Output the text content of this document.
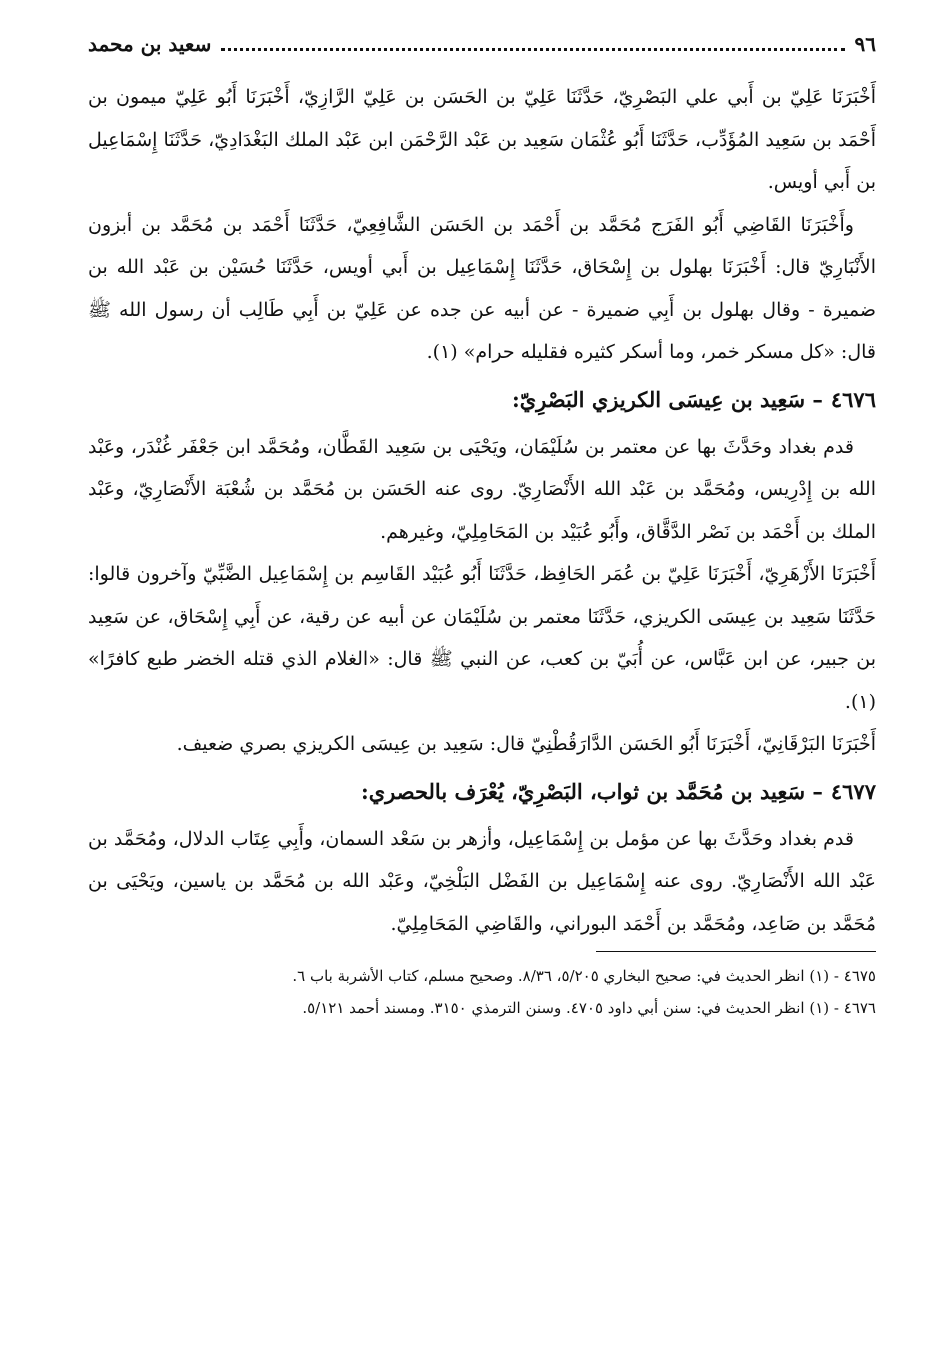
٩٦
سعيد بن محمد

أَخْبَرَنَا عَلِيّ بن أَبي علي البَصْرِيّ، حَدَّثَنَا عَلِيّ بن الحَسَن بن عَلِيّ الرَّازِيّ، أَخْبَرَنَا أَبُو عَلِيّ ميمون بن أَحْمَد بن سَعِيد المُؤَدِّب، حَدَّثَنَا أَبُو عُثْمَان سَعِيد بن عَبْد الرَّحْمَن ابن عَبْد الملك البَغْدَادِيّ، حَدَّثَنَا إِسْمَاعِيل بن أَبي أويس.

وأَخْبَرَنَا القَاضِي أَبُو الفَرَج مُحَمَّد بن أَحْمَد بن الحَسَن الشَّافِعِيّ، حَدَّثَنَا أَحْمَد بن مُحَمَّد بن أبزون الأَنْبَارِيّ قال: أَخْبَرَنَا بهلول بن إِسْحَاق، حَدَّثَنَا إِسْمَاعِيل بن أَبي أويس، حَدَّثَنَا حُسَيْن بن عَبْد الله بن ضميرة - وقال بهلول بن أَبِي ضميرة - عن أبيه عن جده عن عَلِيّ بن أَبِي طَالِب أن رسول الله ﷺ قال: «كل مسكر خمر، وما أسكر كثيره فقليله حرام» (١).

٤٦٧٦– سَعِيد بن عِيسَى الكريزي البَصْرِيّ:

قدم بغداد وحَدَّثَ بها عن معتمر بن سُلَيْمَان، ويَحْيَى بن سَعِيد القَطَّان، ومُحَمَّد ابن جَعْفَر غُنْدَر، وعَبْد الله بن إِدْرِيس، ومُحَمَّد بن عَبْد الله الأَنْصَارِيّ. روى عنه الحَسَن بن مُحَمَّد بن شُعْبَة الأَنْصَارِيّ، وعَبْد الملك بن أَحْمَد بن نَصْر الدَّقَّاق، وأَبُو عُبَيْد بن المَحَامِلِيّ، وغيرهم.

أَخْبَرَنَا الأَزْهَرِيّ، أَخْبَرَنَا عَلِيّ بن عُمَر الحَافِظ، حَدَّثَنَا أَبُو عُبَيْد القَاسِم بن إِسْمَاعِيل الضَّبِّيّ وآخرون قالوا: حَدَّثَنَا سَعِيد بن عِيسَى الكريزي، حَدَّثَنَا معتمر بن سُلَيْمَان عن أبيه عن رقية، عن أَبِي إِسْحَاق، عن سَعِيد بن جبير، عن ابن عَبَّاس، عن أُبَيّ بن كعب، عن النبي ﷺ قال: «الغلام الذي قتله الخضر طبع كافرًا» (١).

أَخْبَرَنَا البَرْقَانِيّ، أَخْبَرَنَا أَبُو الحَسَن الدَّارَقُطْنِيّ قال: سَعِيد بن عِيسَى الكريزي بصري ضعيف.

٤٦٧٧– سَعِيد بن مُحَمَّد بن ثواب، البَصْرِيّ، يُعْرَف بالحصري:

قدم بغداد وحَدَّثَ بها عن مؤمل بن إِسْمَاعِيل، وأزهر بن سَعْد السمان، وأَبِي عِتَاب الدلال، ومُحَمَّد بن عَبْد الله الأَنْصَارِيّ. روى عنه إِسْمَاعِيل بن الفَضْل البَلْخِيّ، وعَبْد الله بن مُحَمَّد بن ياسين، ويَحْيَى بن مُحَمَّد بن صَاعِد، ومُحَمَّد بن أَحْمَد البوراني، والقَاضِي المَحَامِلِيّ.

٤٦٧٥ - (١) انظر الحديث في: صحيح البخاري ٥/٢٠٥، ٨/٣٦. وصحيح مسلم، كتاب الأشربة باب ٦.

٤٦٧٦ - (١) انظر الحديث في: سنن أبي داود ٤٧٠٥. وسنن الترمذي ٣١٥٠. ومسند أحمد ٥/١٢١.
